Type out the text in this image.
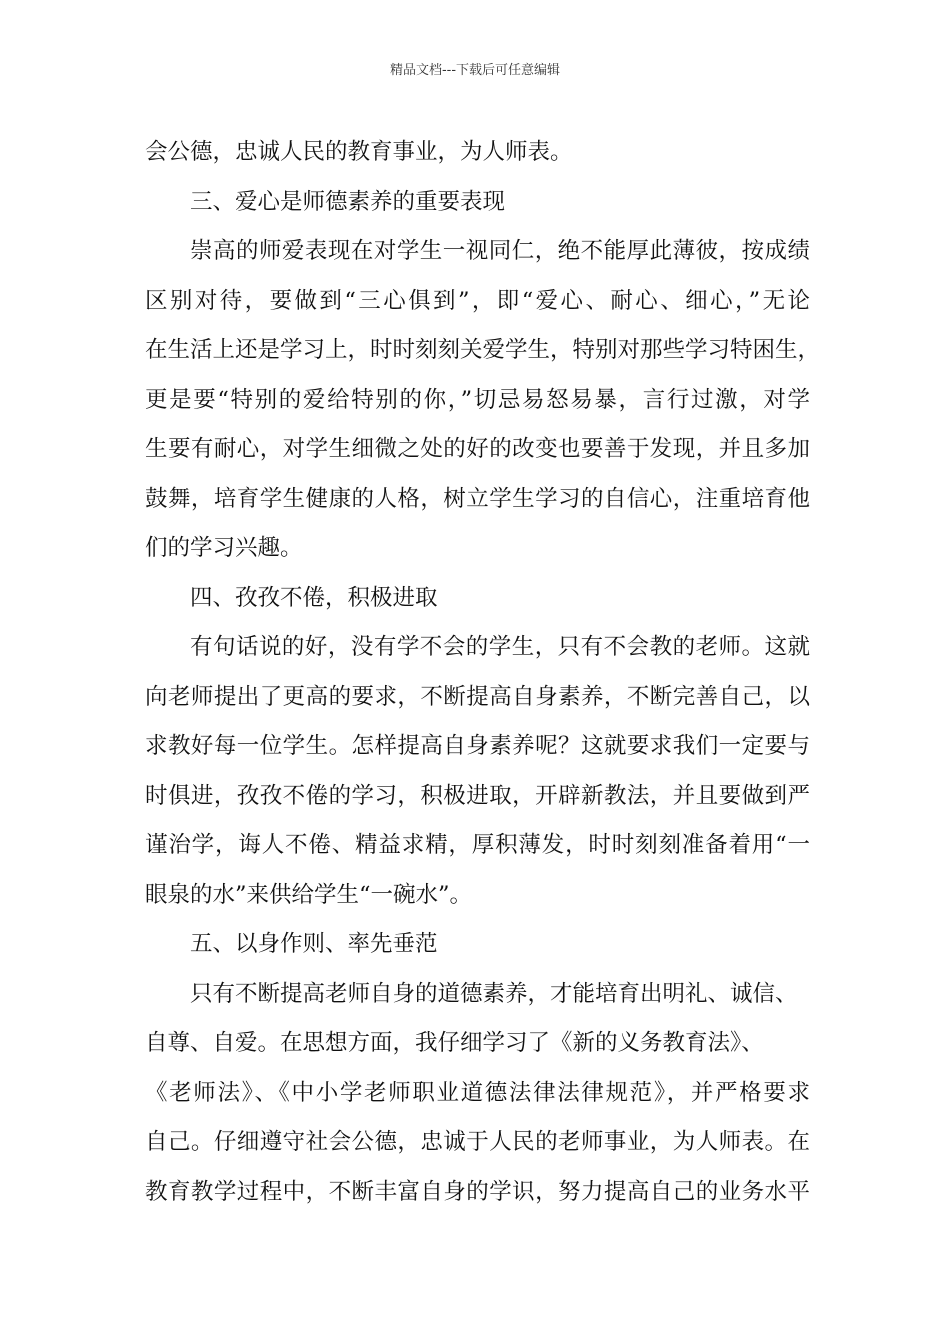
精品文档---下载后可任意编辑
会公德，忠诚人民的教育事业，为人师表。
三、爱心是师德素养的重要表现
崇高的师爱表现在对学生一视同仁，绝不能厚此薄彼，按成绩
区别对待，要做到“三心俱到”，即“爱心、耐心、细心，”无论
在生活上还是学习上，时时刻刻关爱学生，特别对那些学习特困生，
更是要“特别的爱给特别的你，”切忌易怒易暴，言行过激，对学
生要有耐心，对学生细微之处的好的改变也要善于发现，并且多加
鼓舞，培育学生健康的人格，树立学生学习的自信心，注重培育他
们的学习兴趣。
四、孜孜不倦，积极进取
有句话说的好，没有学不会的学生，只有不会教的老师。这就
向老师提出了更高的要求，不断提高自身素养，不断完善自己，以
求教好每一位学生。怎样提高自身素养呢？这就要求我们一定要与
时俱进，孜孜不倦的学习，积极进取，开辟新教法，并且要做到严
谨治学，诲人不倦、精益求精，厚积薄发，时时刻刻准备着用“一
眼泉的水”来供给学生“一碗水”。
五、以身作则、率先垂范
只有不断提高老师自身的道德素养，才能培育出明礼、诚信、
自尊、自爱。在思想方面，我仔细学习了《新的义务教育法》、
《老师法》、《中小学老师职业道德法律法律规范》，并严格要求
自己。仔细遵守社会公德，忠诚于人民的老师事业，为人师表。在
教育教学过程中，不断丰富自身的学识，努力提高自己的业务水平
